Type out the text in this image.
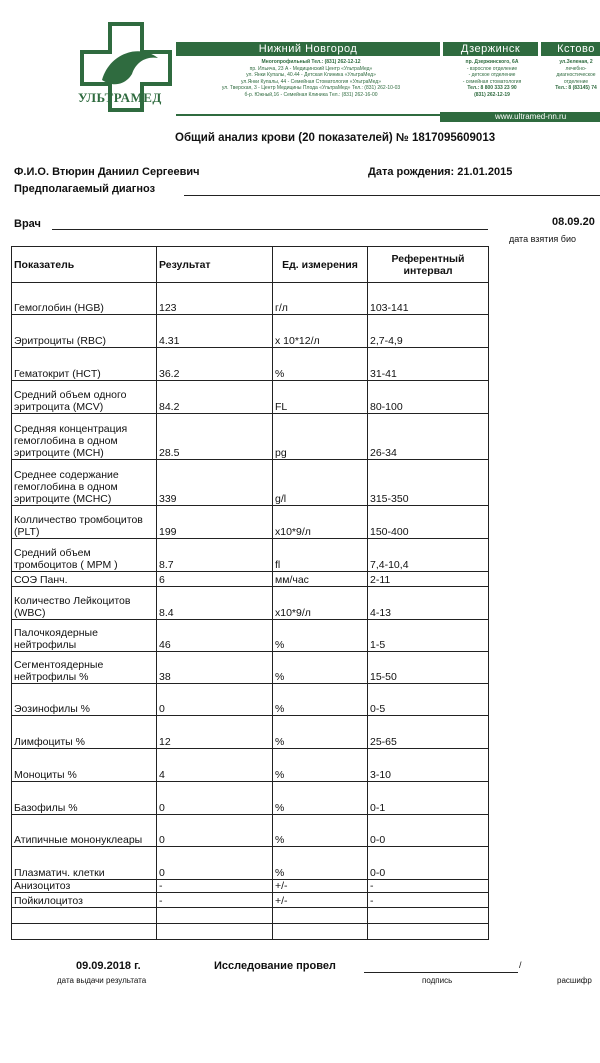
УЛЬТРАМЕД
Нижний Новгород	Дзержинск	Кстово
Многопрофильный Тел.: (831) 262-12-12
пр. Ильича, 23 А - Медицинский Центр «УльтраМед»
ул. Янки Купалы, 40.44 - Детская Клиника «УльтраМед»
ул.Янки Купалы, 44 - Семейная Стоматология «УльтраМед»
ул. Тверская, 3 - Центр Медицины Плода «УльтраМед» Тел.: (831) 262-10-03
б-р. Южный,16 - Семейная Клиника Тел.: (831) 262-16-00
пр. Дзержинского, 6А
- взрослое отделение
- детское отделение
- семейная стоматология
Тел.: 8 800 333 23 90
(831) 262-12-19
ул.Зеленая, 2
лечебно-
диагностическое
отделение
Тел.: 8 (83145) 74
www.ultramed-nn.ru
Общий анализ крови (20 показателей) № 1817095609013
Ф.И.О. Втюрин Даниил Сергеевич	Дата рождения: 21.01.2015
Предполагаемый диагноз
Врач	08.09.20
дата взятия био
Показатель	Результат	Ед. измерения	Референтный интервал
Гемоглобин (HGB)	123	г/л	103-141
Эритроциты (RBC)	4.31	х 10*12/л	2,7-4,9
Гематокрит (HCT)	36.2	%	31-41
Средний объем одного эритроцита (MCV)	84.2	FL	80-100
Средняя концентрация гемоглобина в одном эритроците (MCH)	28.5	pg	26-34
Среднее содержание гемоглобина в одном эритроците (MCHC)	339	g/l	315-350
Колличество тромбоцитов (PLT)	199	x10*9/л	150-400
Средний объем тромбоцитов ( MPM )	8.7	fl	7,4-10,4
СОЭ Панч.	6	мм/час	2-11
Количество Лейкоцитов (WBC)	8.4	x10*9/л	4-13
Палочкоядерные нейтрофилы	46	%	1-5
Сегментоядерные нейтрофилы %	38	%	15-50
Эозинофилы %	0	%	0-5
Лимфоциты %	12	%	25-65
Моноциты %	4	%	3-10
Базофилы %	0	%	0-1
Атипичные мононуклеары	0	%	0-0
Плазматич. клетки	0	%	0-0
Анизоцитоз	-	+/-	-
Пойкилоцитоз	-	+/-	-

09.09.2018 г.
дата выдачи результата
Исследование провел	/
подпись	расшифр
